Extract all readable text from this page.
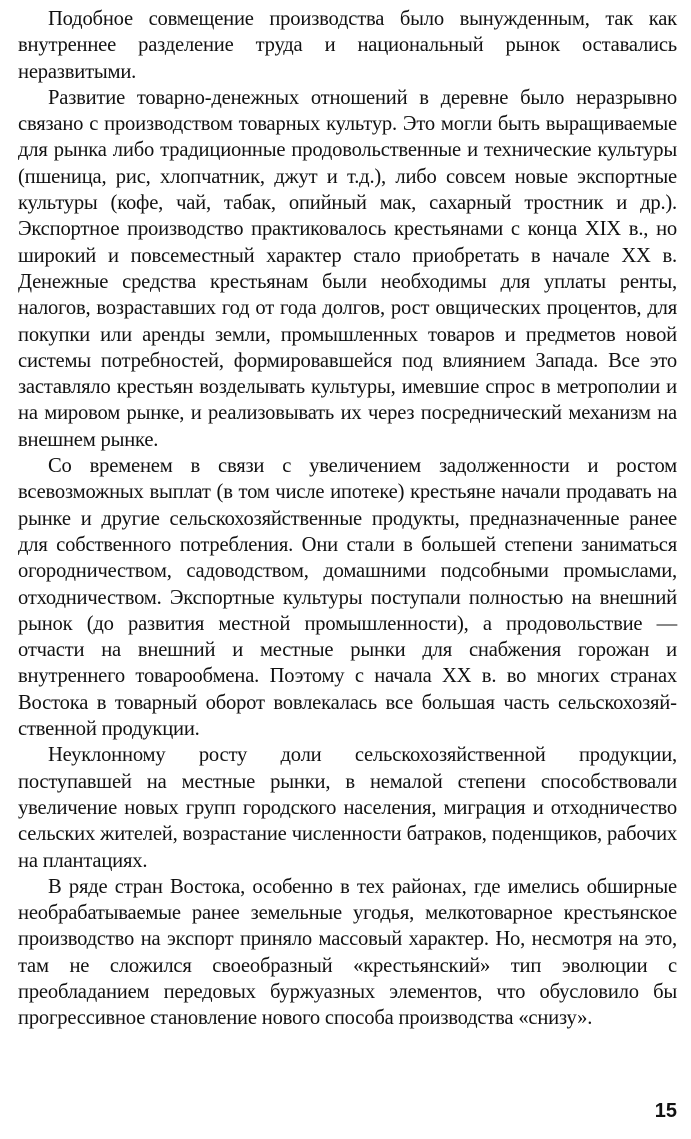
Подобное совмещение производства было вынужденным, так как внутреннее разделение труда и национальный рынок оставались неразвитыми.

Развитие товарно-денежных отношений в деревне было неразрывно связано с производством товарных культур. Это могли быть выращиваемые для рынка либо традиционные продовольственные и технические культуры (пшеница, рис, хлопчатник, джут и т.д.), либо совсем новые экспортные культуры (кофе, чай, табак, опийный мак, сахарный тростник и др.). Экспортное производство практиковалось крестьянами с конца XIX в., но широкий и повсеместный характер стало приобретать в начале XX в. Денежные средства крестьянам были необходимы для уплаты ренты, налогов, возраставших год от года долгов, рост овщических процентов, для покупки или аренды земли, промышленных товаров и предметов новой системы потребностей, формировавшейся под влиянием Запада. Все это заставляло крестьян возделывать культуры, имевшие спрос в метрополии и на мировом рынке, и реализовывать их через посреднический механизм на внешнем рынке.

Со временем в связи с увеличением задолженности и ростом всевозможных выплат (в том числе ипотеке) крестьяне начали продавать на рынке и другие сельскохозяйственные продукты, предназначенные ранее для собственного потребления. Они стали в большей степени заниматься огородничеством, садоводством, домашними подсобными промыслами, отходничеством. Экспортные культуры поступали полностью на внешний рынок (до развития местной промышленности), а продовольствие — отчасти на внешний и местные рынки для снабжения горожан и внутреннего товарообмена. Поэтому с начала XX в. во многих странах Востока в товарный оборот вовлекалась все большая часть сельскохозяйственной продукции.

Неуклонному росту доли сельскохозяйственной продукции, поступавшей на местные рынки, в немалой степени способствовали увеличение новых групп городского населения, миграция и отходничество сельских жителей, возрастание численности батраков, поденщиков, рабочих на плантациях.

В ряде стран Востока, особенно в тех районах, где имелись обширные необрабатываемые ранее земельные угодья, мелкотоварное крестьянское производство на экспорт приняло массовый характер. Но, несмотря на это, там не сложился своеобразный «крестьянский» тип эволюции с преобладанием передовых буржуазных элементов, что обусловило бы прогрессивное становление нового способа производства «снизу».

15
